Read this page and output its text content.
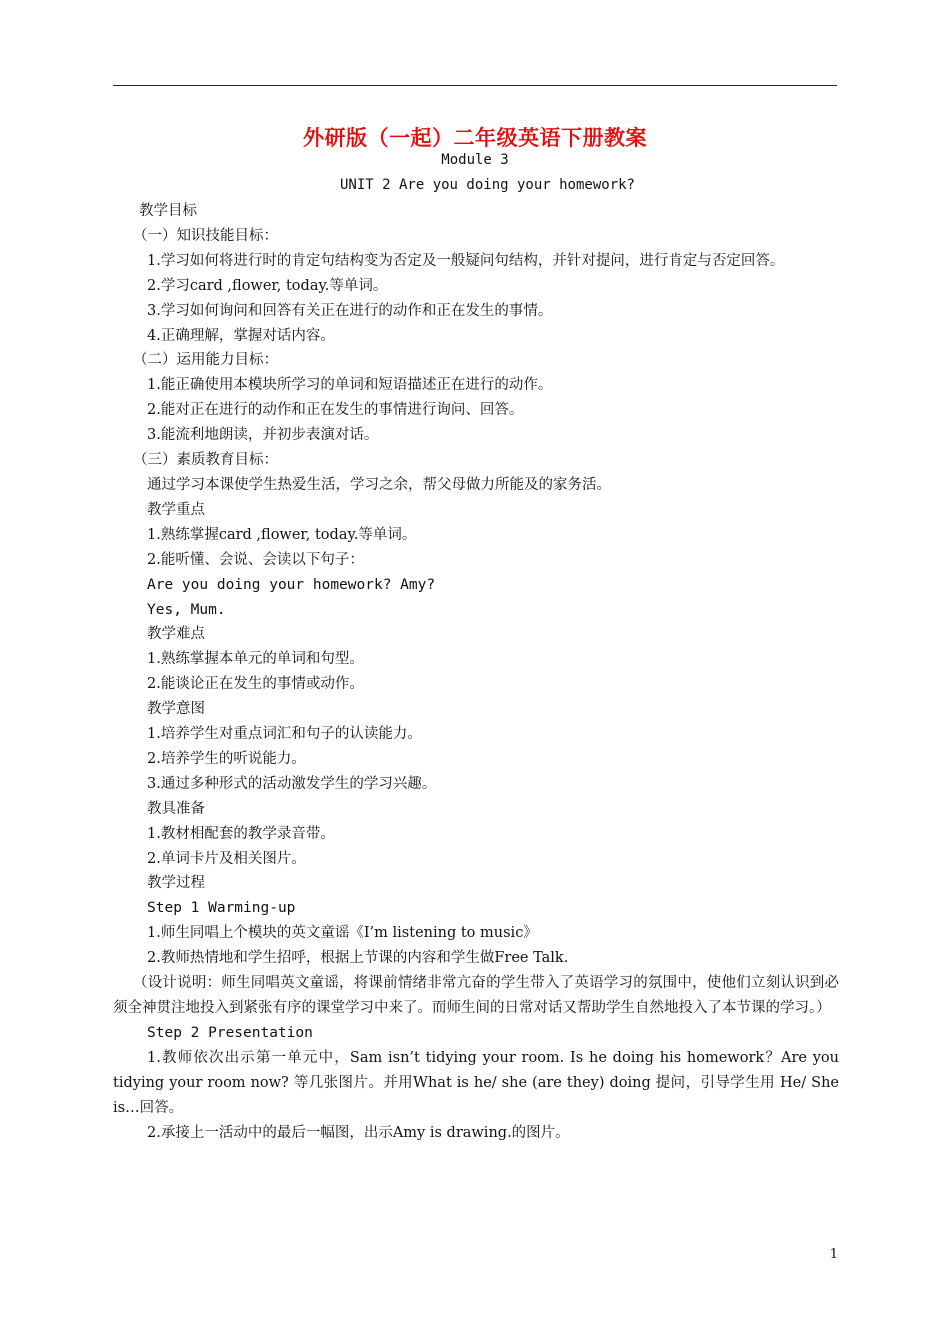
外研版（一起）二年级英语下册教案
Module 3
UNIT 2 Are you doing your homework?

教学目标

（一）知识技能目标：

1.学习如何将进行时的肯定句结构变为否定及一般疑问句结构，并针对提问，进行肯定与否定回答。

2.学习card ,flower, today.等单词。

3.学习如何询问和回答有关正在进行的动作和正在发生的事情。

4.正确理解，掌握对话内容。

（二）运用能力目标：

1.能正确使用本模块所学习的单词和短语描述正在进行的动作。

2.能对正在进行的动作和正在发生的事情进行询问、回答。

3.能流利地朗读，并初步表演对话。

（三）素质教育目标：

通过学习本课使学生热爱生活，学习之余，帮父母做力所能及的家务活。

教学重点

1.熟练掌握card ,flower, today.等单词。

2.能听懂、会说、会读以下句子：

Are you doing your homework? Amy?

Yes, Mum.

教学难点

1.熟练掌握本单元的单词和句型。

2.能谈论正在发生的事情或动作。

教学意图

1.培养学生对重点词汇和句子的认读能力。

2.培养学生的听说能力。

3.通过多种形式的活动激发学生的学习兴趣。

教具准备

1.教材相配套的教学录音带。

2.单词卡片及相关图片。

教学过程

Step 1 Warming-up

1.师生同唱上个模块的英文童谣《I’m listening to music》

2.教师热情地和学生招呼，根据上节课的内容和学生做Free Talk.

（设计说明：师生同唱英文童谣，将课前情绪非常亢奋的学生带入了英语学习的氛围中，使他们立刻认识到必须全神贯注地投入到紧张有序的课堂学习中来了。而师生间的日常对话又帮助学生自然地投入了本节课的学习。）

Step 2 Presentation

1.教师依次出示第一单元中，Sam isn’t tidying your room. Is he doing his homework？Are you tidying your room now? 等几张图片。并用What is he/ she (are they) doing 提问，引导学生用 He/ She is…回答。

2.承接上一活动中的最后一幅图，出示Amy is drawing.的图片。

1
